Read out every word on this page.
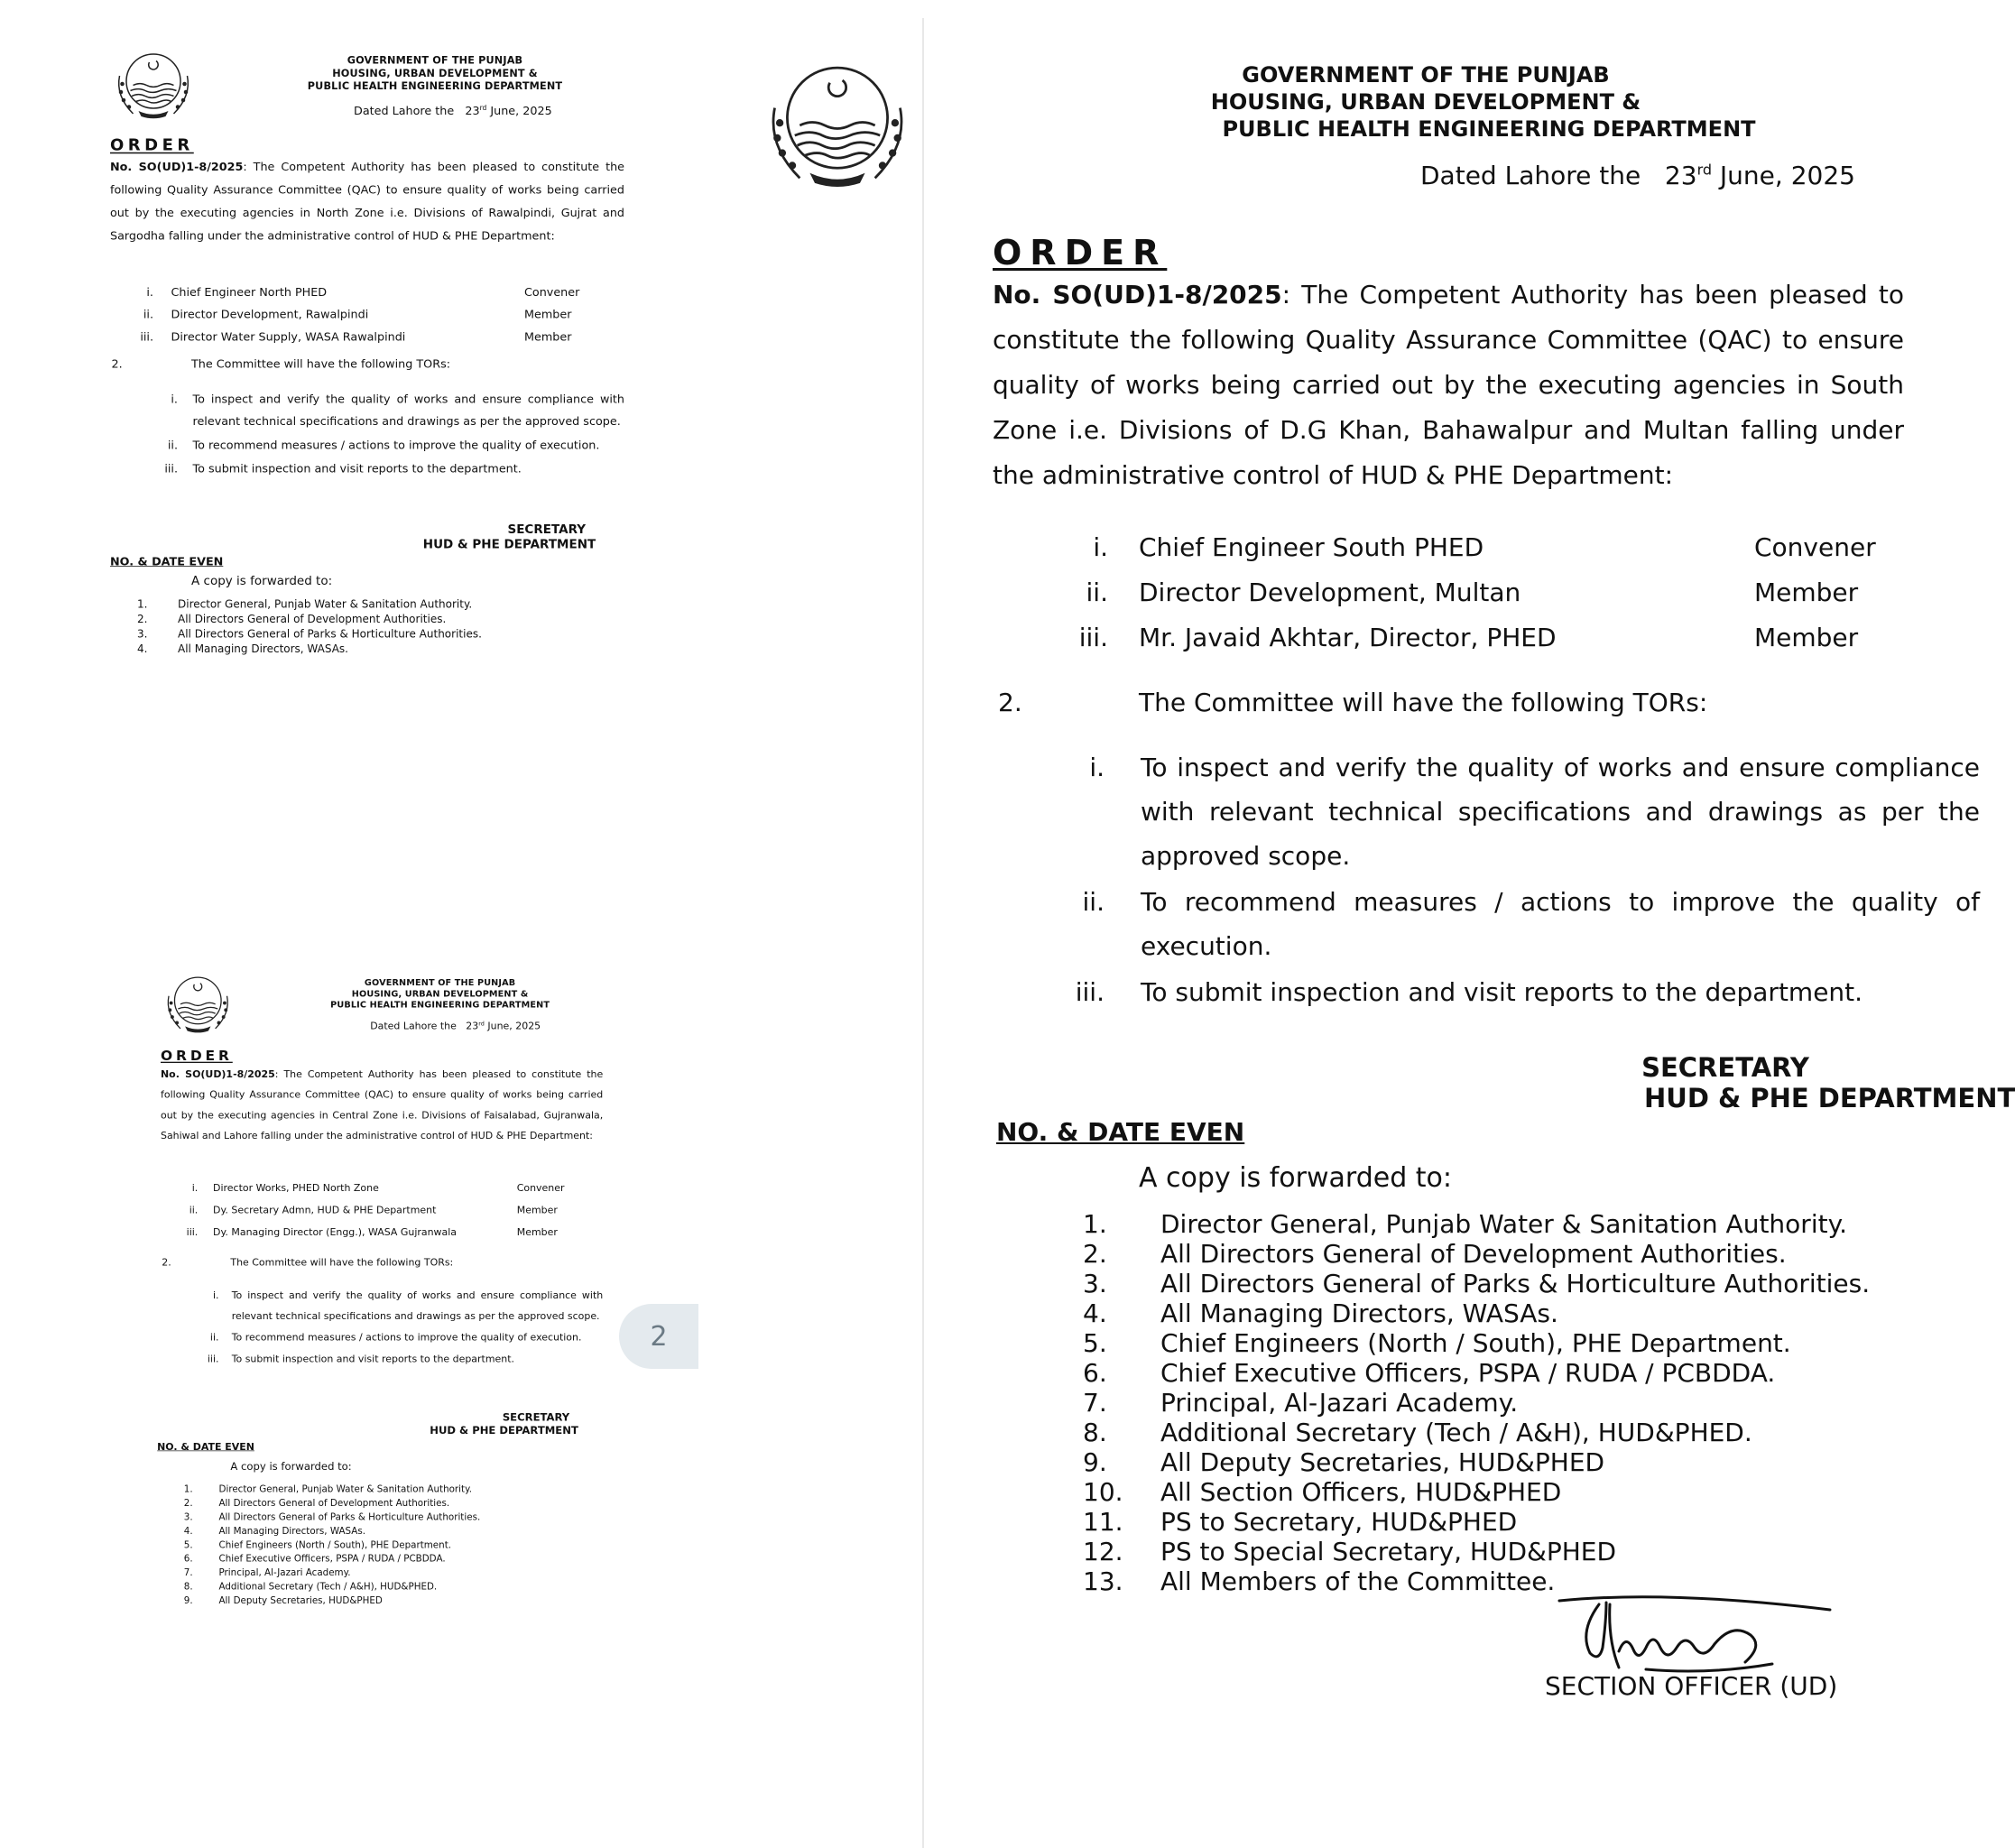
GOVERNMENT OF THE PUNJAB
HOUSING, URBAN DEVELOPMENT &
PUBLIC HEALTH ENGINEERING DEPARTMENT
Dated Lahore the 23rd June, 2025
ORDER
No. SO(UD)1-8/2025: The Competent Authority has been pleased to constitute the following Quality Assurance Committee (QAC) to ensure quality of works being carried out by the executing agencies in North Zone i.e. Divisions of Rawalpindi, Gujrat and Sargodha falling under the administrative control of HUD & PHE Department:
i. Chief Engineer North PHED	Convener
ii. Director Development, Rawalpindi	Member
iii. Director Water Supply, WASA Rawalpindi	Member
2.	The Committee will have the following TORs:
i. To inspect and verify the quality of works and ensure compliance with relevant technical specifications and drawings as per the approved scope.
ii. To recommend measures / actions to improve the quality of execution.
iii. To submit inspection and visit reports to the department.
SECRETARY
HUD & PHE DEPARTMENT
NO. & DATE EVEN
A copy is forwarded to:
1.	Director General, Punjab Water & Sanitation Authority.
2.	All Directors General of Development Authorities.
3.	All Directors General of Parks & Horticulture Authorities.
4.	All Managing Directors, WASAs.
GOVERNMENT OF THE PUNJAB
HOUSING, URBAN DEVELOPMENT &
PUBLIC HEALTH ENGINEERING DEPARTMENT
Dated Lahore the 23rd June, 2025
ORDER
No. SO(UD)1-8/2025: The Competent Authority has been pleased to constitute the following Quality Assurance Committee (QAC) to ensure quality of works being carried out by the executing agencies in Central Zone i.e. Divisions of Faisalabad, Gujranwala, Sahiwal and Lahore falling under the administrative control of HUD & PHE Department:
i. Director Works, PHED North Zone	Convener
ii. Dy. Secretary Admn, HUD & PHE Department	Member
iii. Dy. Managing Director (Engg.), WASA Gujranwala	Member
2.	The Committee will have the following TORs:
i. To inspect and verify the quality of works and ensure compliance with relevant technical specifications and drawings as per the approved scope.
ii. To recommend measures / actions to improve the quality of execution.
iii. To submit inspection and visit reports to the department.
SECRETARY
HUD & PHE DEPARTMENT
NO. & DATE EVEN
A copy is forwarded to:
1.	Director General, Punjab Water & Sanitation Authority.
2.	All Directors General of Development Authorities.
3.	All Directors General of Parks & Horticulture Authorities.
4.	All Managing Directors, WASAs.
5.	Chief Engineers (North / South), PHE Department.
6.	Chief Executive Officers, PSPA / RUDA / PCBDDA.
7.	Principal, Al-Jazari Academy.
8.	Additional Secretary (Tech / A&H), HUD&PHED.
9.	All Deputy Secretaries, HUD&PHED
2
GOVERNMENT OF THE PUNJAB
HOUSING, URBAN DEVELOPMENT &
PUBLIC HEALTH ENGINEERING DEPARTMENT
Dated Lahore the 23rd June, 2025
ORDER
No. SO(UD)1-8/2025: The Competent Authority has been pleased to constitute the following Quality Assurance Committee (QAC) to ensure quality of works being carried out by the executing agencies in South Zone i.e. Divisions of D.G Khan, Bahawalpur and Multan falling under the administrative control of HUD & PHE Department:
i. Chief Engineer South PHED	Convener
ii. Director Development, Multan	Member
iii. Mr. Javaid Akhtar, Director, PHED	Member
2.	The Committee will have the following TORs:
i. To inspect and verify the quality of works and ensure compliance with relevant technical specifications and drawings as per the approved scope.
ii. To recommend measures / actions to improve the quality of execution.
iii. To submit inspection and visit reports to the department.
SECRETARY
HUD & PHE DEPARTMENT
NO. & DATE EVEN
A copy is forwarded to:
1. Director General, Punjab Water & Sanitation Authority.
2. All Directors General of Development Authorities.
3. All Directors General of Parks & Horticulture Authorities.
4. All Managing Directors, WASAs.
5. Chief Engineers (North / South), PHE Department.
6. Chief Executive Officers, PSPA / RUDA / PCBDDA.
7. Principal, Al-Jazari Academy.
8. Additional Secretary (Tech / A&H), HUD&PHED.
9. All Deputy Secretaries, HUD&PHED
10. All Section Officers, HUD&PHED
11. PS to Secretary, HUD&PHED
12. PS to Special Secretary, HUD&PHED
13. All Members of the Committee.
SECTION OFFICER (UD)
